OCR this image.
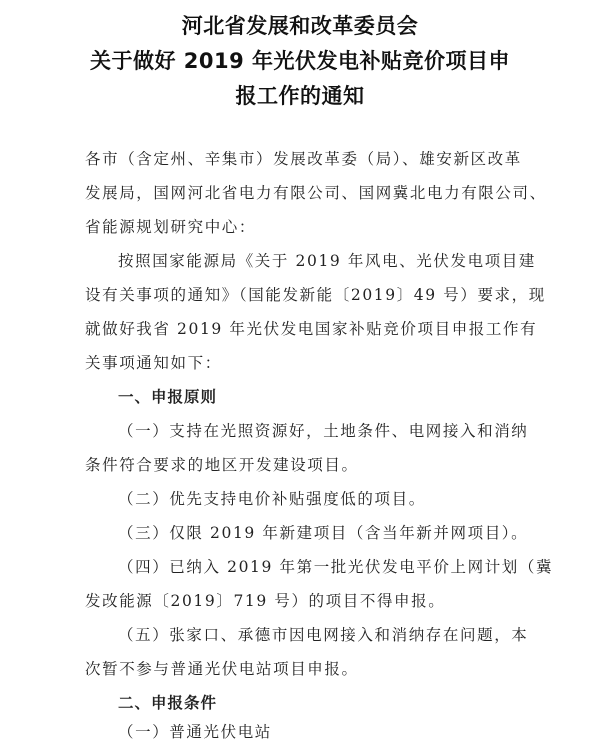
河北省发展和改革委员会
关于做好 2019 年光伏发电补贴竞价项目申
报工作的通知
各市（含定州、辛集市）发展改革委（局）、雄安新区改革
发展局，国网河北省电力有限公司、国网冀北电力有限公司、
省能源规划研究中心：
按照国家能源局《关于 2019 年风电、光伏发电项目建
设有关事项的通知》（国能发新能〔2019〕49 号）要求，现
就做好我省 2019 年光伏发电国家补贴竞价项目申报工作有
关事项通知如下：
一、申报原则
（一）支持在光照资源好，土地条件、电网接入和消纳
条件符合要求的地区开发建设项目。
（二）优先支持电价补贴强度低的项目。
（三）仅限 2019 年新建项目（含当年新并网项目）。
（四）已纳入 2019 年第一批光伏发电平价上网计划（冀
发改能源〔2019〕719 号）的项目不得申报。
（五）张家口、承德市因电网接入和消纳存在问题，本
次暂不参与普通光伏电站项目申报。
二、申报条件
（一）普通光伏电站
